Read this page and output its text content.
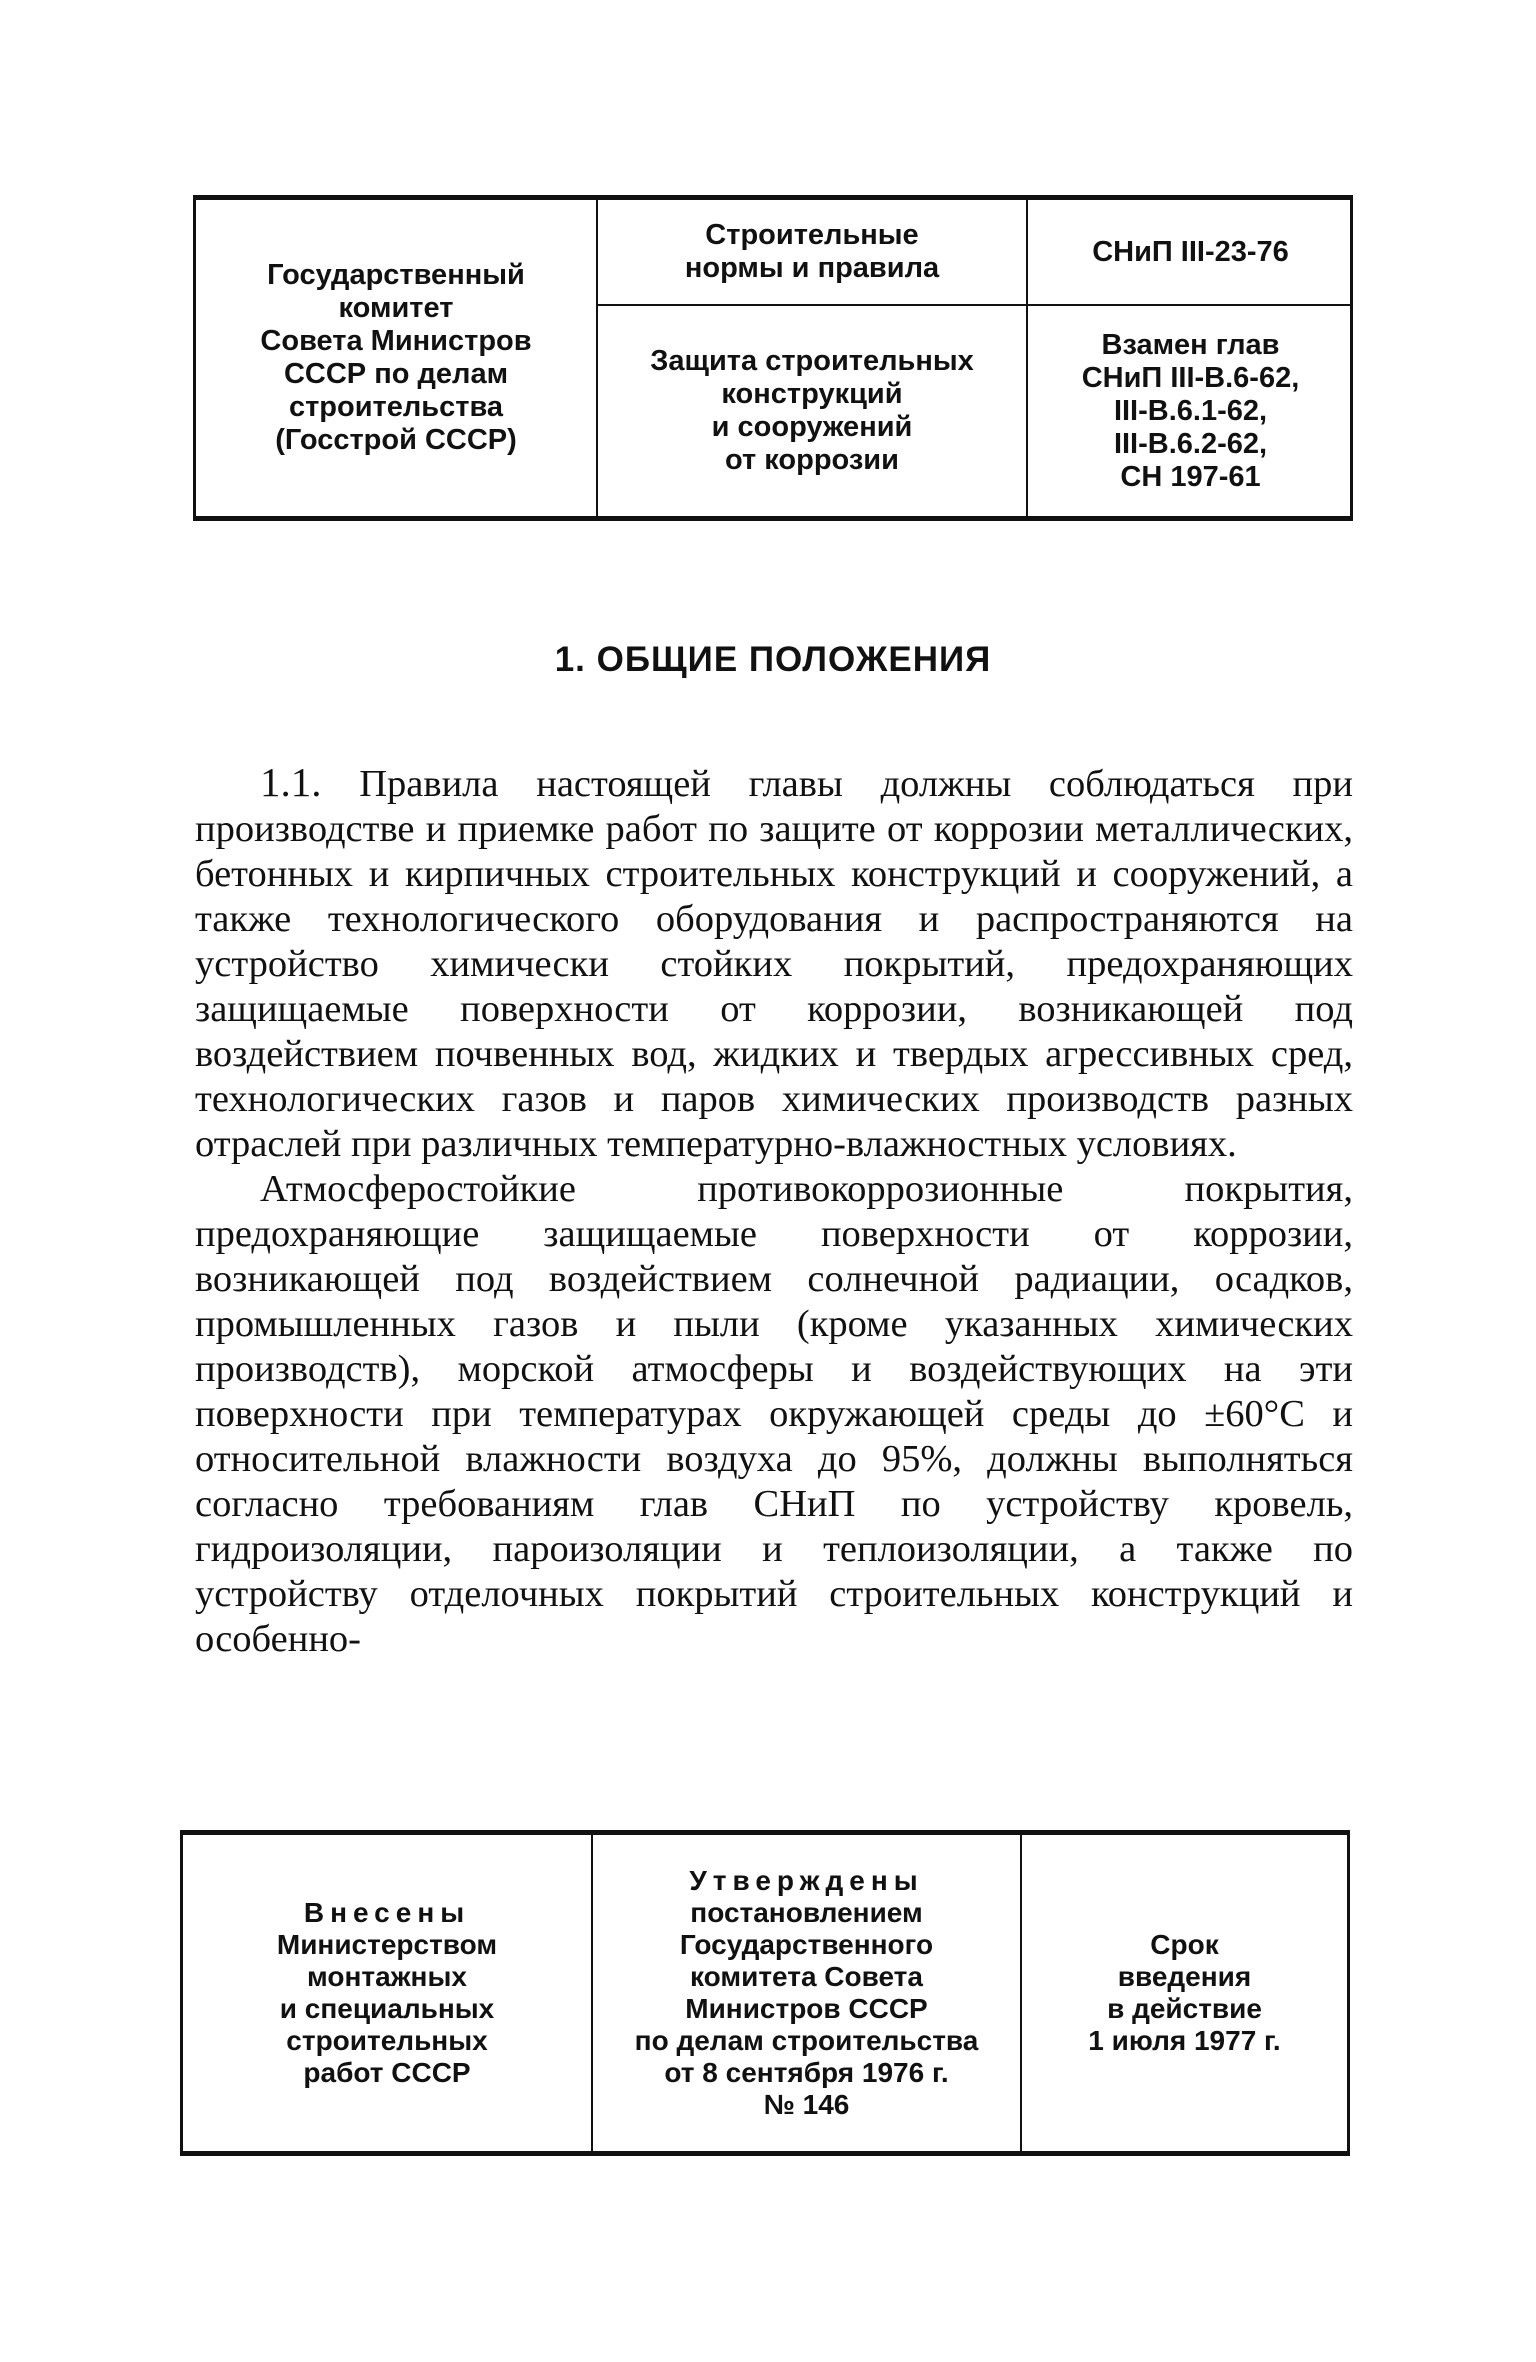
Государственный
комитет
Совета Министров
СССР по делам
строительства
(Госстрой СССР)
Строительные
нормы и правила
Защита строительных
конструкций
и сооружений
от коррозии
СНиП III-23-76
Взамен глав
СНиП III-В.6-62,
III-В.6.1-62,
III-В.6.2-62,
СН 197-61
1. ОБЩИЕ ПОЛОЖЕНИЯ

1.1. Правила настоящей главы должны соблюдаться при производстве и приемке работ по защите от коррозии металлических, бетонных и кирпичных строительных конструкций и сооружений, а также технологического оборудования и распространяются на устройство химически стойких покрытий, предохраняющих защищаемые поверхности от коррозии, возникающей под воздействием почвенных вод, жидких и твердых агрессивных сред, технологических газов и паров химических производств разных отраслей при различных температурно-влажностных условиях.

Атмосферостойкие противокоррозионные покрытия, предохраняющие защищаемые поверхности от коррозии, возникающей под воздействием солнечной радиации, осадков, промышленных газов и пыли (кроме указанных химических производств), морской атмосферы и воздействующих на эти поверхности при температурах окружающей среды до ±60°С и относительной влажности воздуха до 95%, должны выполняться согласно требованиям глав СНиП по устройству кровель, гидроизоляции, пароизоляции и теплоизоляции, а также по устройству отделочных покрытий строительных конструкций и особенно-

Внесены
Министерством
монтажных
и специальных
строительных
работ СССР
Утверждены
постановлением
Государственного
комитета Совета
Министров СССР
по делам строительства
от 8 сентября 1976 г.
№ 146
Срок
введения
в действие
1 июля 1977 г.
